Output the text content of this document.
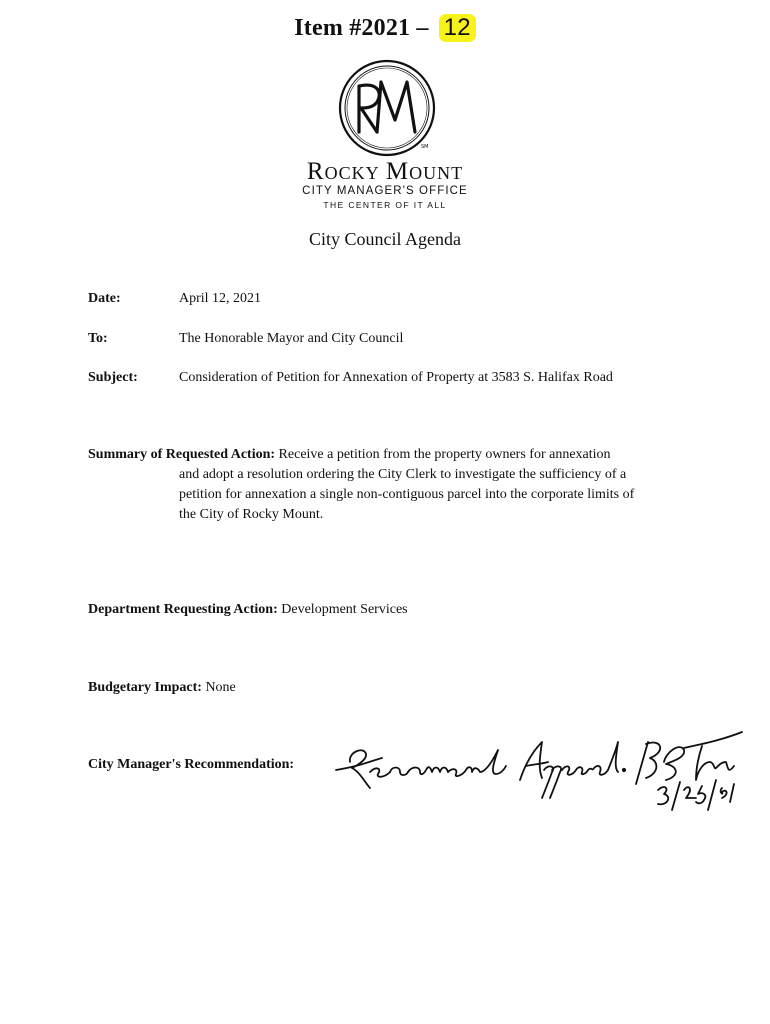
Item #2021 – 12
SM
Rocky Mount
CITY MANAGER'S OFFICE
THE CENTER OF IT ALL
City Council Agenda
Date:	April 12, 2021
To:	The Honorable Mayor and City Council
Subject:	Consideration of Petition for Annexation of Property at 3583 S. Halifax Road
Summary of Requested Action: Receive a petition from the property owners for annexation
and adopt a resolution ordering the City Clerk to investigate the sufficiency of a
petition for annexation a single non-contiguous parcel into the corporate limits of
the City of Rocky Mount.
Department Requesting Action: Development Services
Budgetary Impact: None
City Manager's Recommendation:
